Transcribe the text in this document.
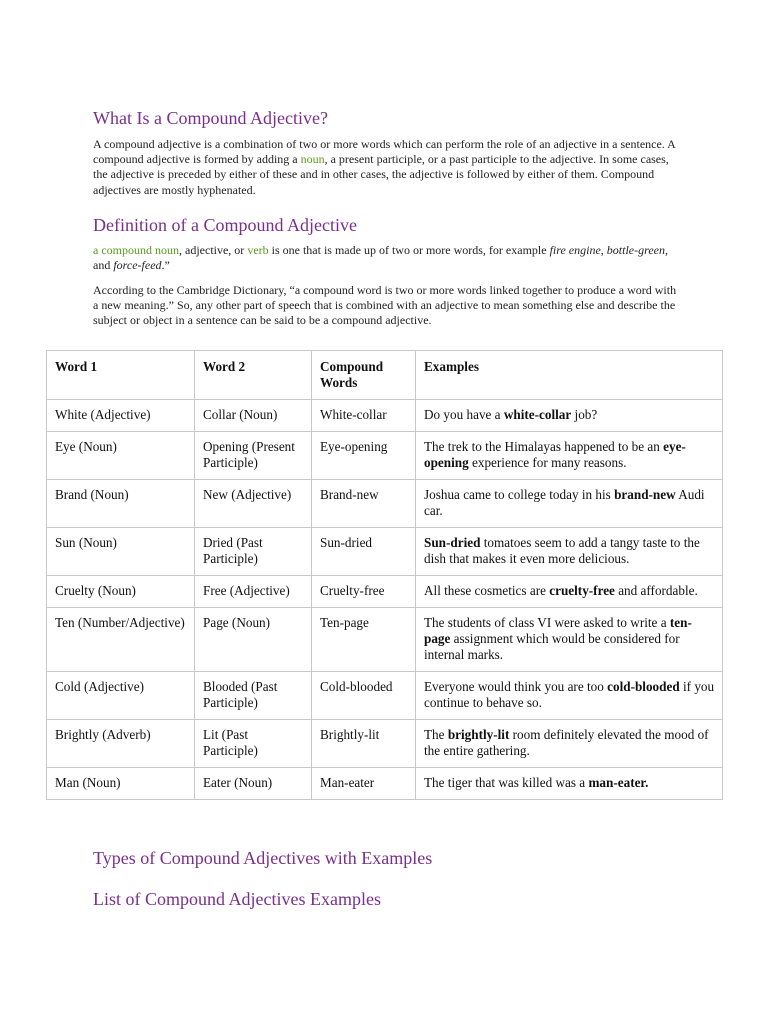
What Is a Compound Adjective?

A compound adjective is a combination of two or more words which can perform the role of an adjective in a sentence. A compound adjective is formed by adding a noun, a present participle, or a past participle to the adjective. In some cases, the adjective is preceded by either of these and in other cases, the adjective is followed by either of them. Compound adjectives are mostly hyphenated.

Definition of a Compound Adjective

a compound noun, adjective, or verb is one that is made up of two or more words, for example fire engine, bottle-green, and force-feed.”

According to the Cambridge Dictionary, “a compound word is two or more words linked together to produce a word with a new meaning.” So, any other part of speech that is combined with an adjective to mean something else and describe the subject or object in a sentence can be said to be a compound adjective.

Word 1	Word 2	Compound Words	Examples
White (Adjective)	Collar (Noun)	White-collar	Do you have a white-collar job?
Eye (Noun)	Opening (Present Participle)	Eye-opening	The trek to the Himalayas happened to be an eye-opening experience for many reasons.
Brand (Noun)	New (Adjective)	Brand-new	Joshua came to college today in his brand-new Audi car.
Sun (Noun)	Dried (Past Participle)	Sun-dried	Sun-dried tomatoes seem to add a tangy taste to the dish that makes it even more delicious.
Cruelty (Noun)	Free (Adjective)	Cruelty-free	All these cosmetics are cruelty-free and affordable.
Ten (Number/Adjective)	Page (Noun)	Ten-page	The students of class VI were asked to write a ten-page assignment which would be considered for internal marks.
Cold (Adjective)	Blooded (Past Participle)	Cold-blooded	Everyone would think you are too cold-blooded if you continue to behave so.
Brightly (Adverb)	Lit (Past Participle)	Brightly-lit	The brightly-lit room definitely elevated the mood of the entire gathering.
Man (Noun)	Eater (Noun)	Man-eater	The tiger that was killed was a man-eater.
Types of Compound Adjectives with Examples
List of Compound Adjectives Examples
